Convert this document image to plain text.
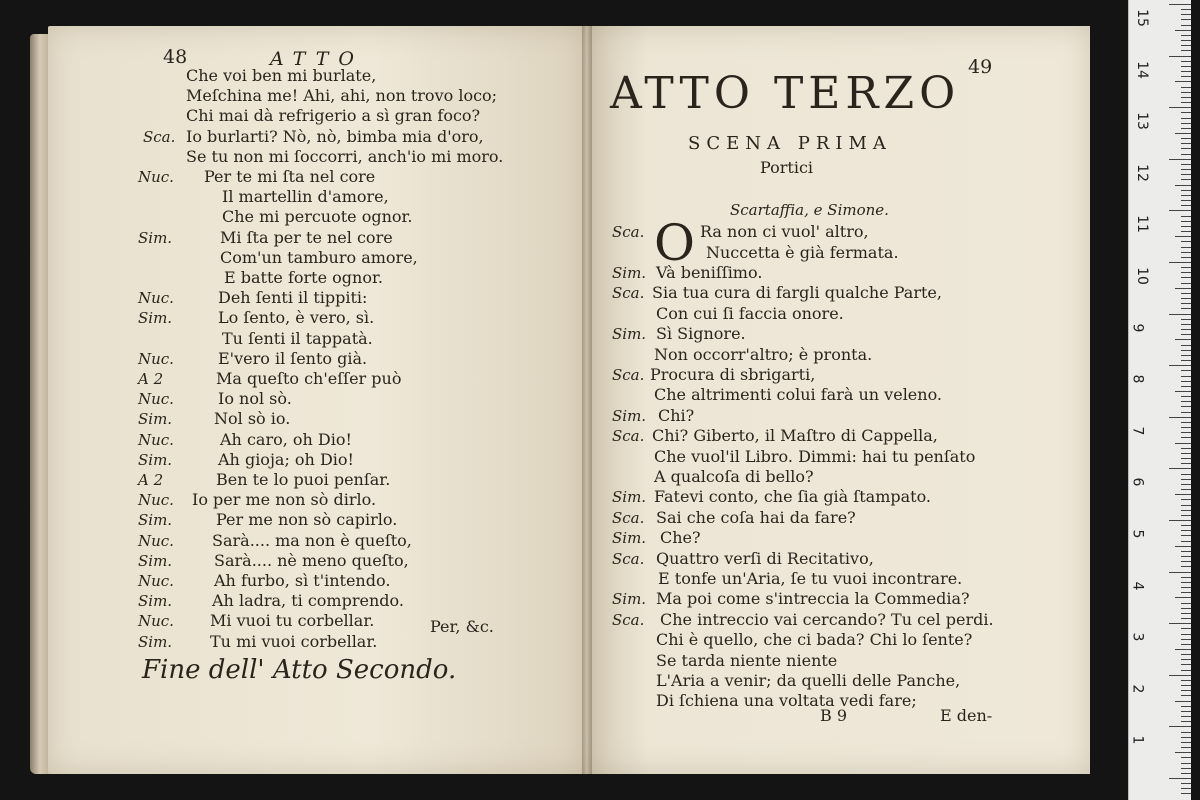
48	ATTO
Che voi ben mi burlate,
Meſchina me! Ahi, ahi, non trovo loco;
Chi mai dà refrigerio a sì gran foco?
Sca. Io burlarti? Nò, nò, bimba mia d'oro,
Se tu non mi ſoccorri, anch'io mi moro.
Nuc. Per te mi ſta nel core
Il martellin d'amore,
Che mi percuote ognor.
Sim.	Mi ſta per te nel core
Com'un tamburo amore,
E batte forte ognor.
Nuc.	Deh ſenti il tippiti:
Sim.	Lo ſento, è vero, sì.
Tu ſenti il tappatà.
Nuc.	E'vero il ſento già.
A 2	Ma queſto ch'eſſer può
Nuc.	Io nol sò.
Sim.	Nol sò io.
Nuc.	Ah caro, oh Dio!
Sim.	Ah gioja; oh Dio!
A 2	Ben te lo puoi penſar.
Nuc. Io per me non sò dirlo.
Sim.	Per me non sò capirlo.
Nuc. Sarà.... ma non è queſto,
Sim.	Sarà.... nè meno queſto,
Nuc.	Ah furbo, sì t'intendo.
Sim. Ah ladra, ti comprendo.
Nuc. Mi vuoi tu corbellar.
Sim. Tu mi vuoi corbellar.
Per, &c.
Fine dell' Atto Secondo.
49
ATTO TERZO
SCENA PRIMA
Portici
Scartaffia, e Simone.
Sca. O Ra non ci vuol' altro,
Nuccetta è già fermata.
Sim. Và beniſſimo.
Sca. Sia tua cura di fargli qualche Parte,
Con cui ſi faccia onore.
Sim. Sì Signore.
Non occorr'altro; è pronta.
Sca. Procura di sbrigarti,
Che altrimenti colui farà un veleno.
Sim. Chi?
Sca. Chi? Giberto, il Maſtro di Cappella,
Che vuol'il Libro. Dimmi: hai tu penſato
A qualcoſa di bello?
Sim. Fatevi conto, che ſia già ſtampato.
Sca. Sai che coſa hai da fare?
Sim. Che?
Sca. Quattro verſi di Recitativo,
E tonfe un'Aria, ſe tu vuoi incontrare.
Sim. Ma poi come s'intreccia la Commedia?
Sca. Che intreccio vai cercando? Tu cel perdi.
Chi è quello, che ci bada? Chi lo ſente?
Se tarda niente niente
L'Aria a venir; da quelli delle Panche,
Di ſchiena una voltata vedi fare;
B 9	E den-
15
14
13
12
11
10
9
8
7
6
5
4
3
2
1
